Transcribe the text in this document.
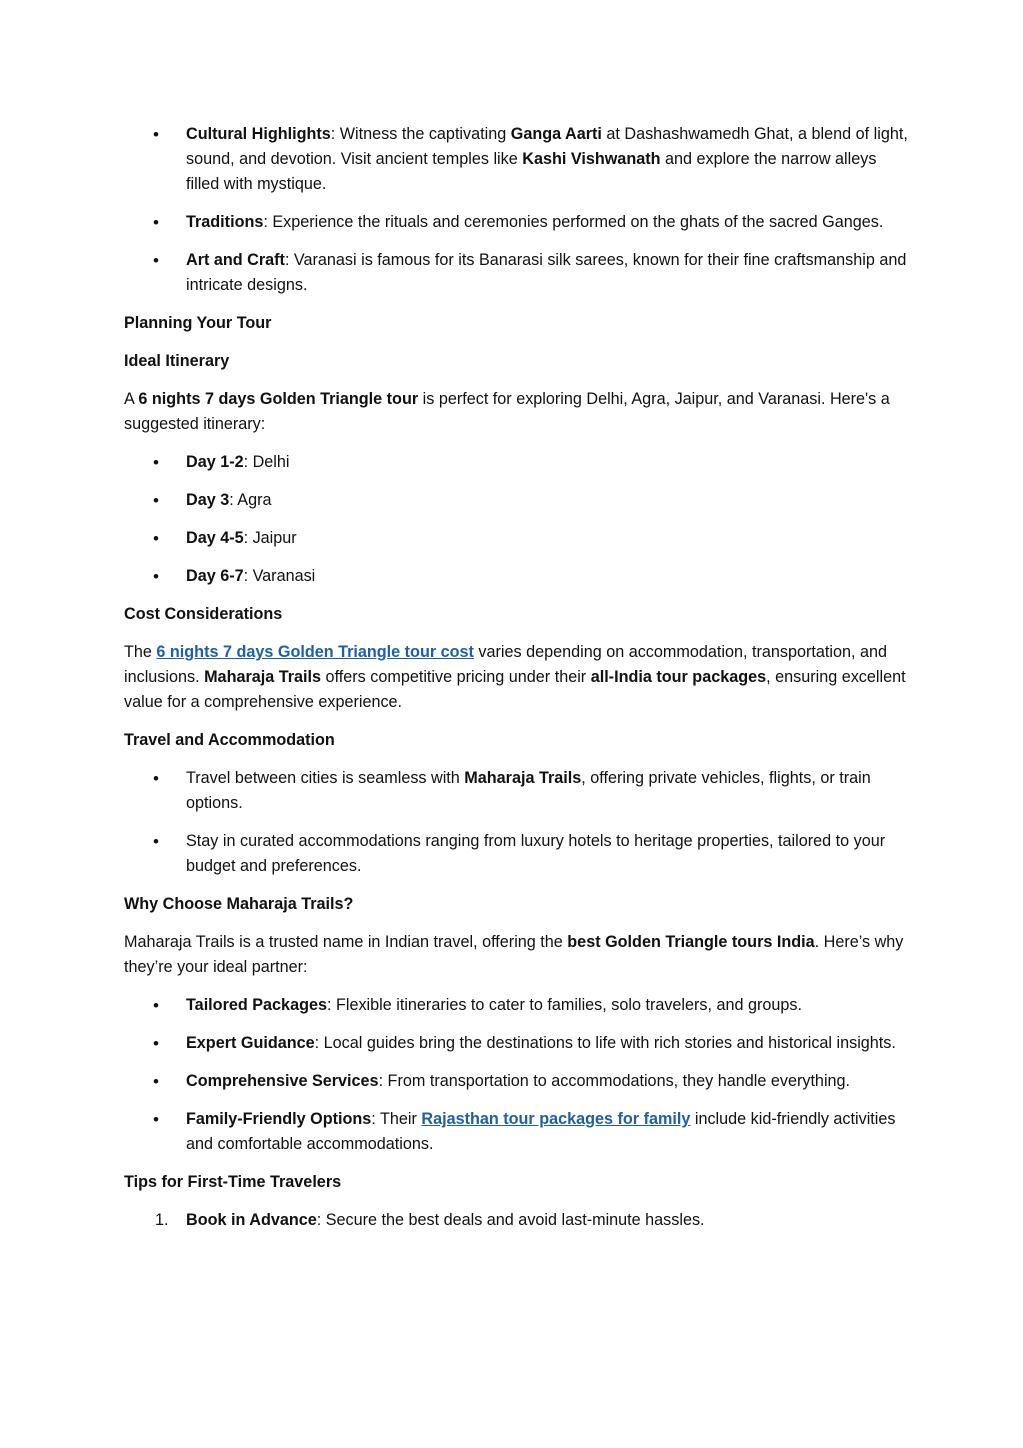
•
Cultural Highlights: Witness the captivating Ganga Aarti at Dashashwamedh Ghat, a blend of light, sound, and devotion. Visit ancient temples like Kashi Vishwanath and explore the narrow alleys filled with mystique.
•
Traditions: Experience the rituals and ceremonies performed on the ghats of the sacred Ganges.
•
Art and Craft: Varanasi is famous for its Banarasi silk sarees, known for their fine craftsmanship and intricate designs.
Planning Your Tour
Ideal Itinerary

A 6 nights 7 days Golden Triangle tour is perfect for exploring Delhi, Agra, Jaipur, and Varanasi. Here's a suggested itinerary:

•
Day 1-2: Delhi
•
Day 3: Agra
•
Day 4-5: Jaipur
•
Day 6-7: Varanasi
Cost Considerations

The 6 nights 7 days Golden Triangle tour cost varies depending on accommodation, transportation, and inclusions. Maharaja Trails offers competitive pricing under their all-India tour packages, ensuring excellent value for a comprehensive experience.

Travel and Accommodation
•
Travel between cities is seamless with Maharaja Trails, offering private vehicles, flights, or train options.
•
Stay in curated accommodations ranging from luxury hotels to heritage properties, tailored to your budget and preferences.
Why Choose Maharaja Trails?

Maharaja Trails is a trusted name in Indian travel, offering the best Golden Triangle tours India. Here’s why they’re your ideal partner:

•
Tailored Packages: Flexible itineraries to cater to families, solo travelers, and groups.
•
Expert Guidance: Local guides bring the destinations to life with rich stories and historical insights.
•
Comprehensive Services: From transportation to accommodations, they handle everything.
•
Family-Friendly Options: Their Rajasthan tour packages for family include kid-friendly activities and comfortable accommodations.
Tips for First-Time Travelers
1. Book in Advance: Secure the best deals and avoid last-minute hassles.
